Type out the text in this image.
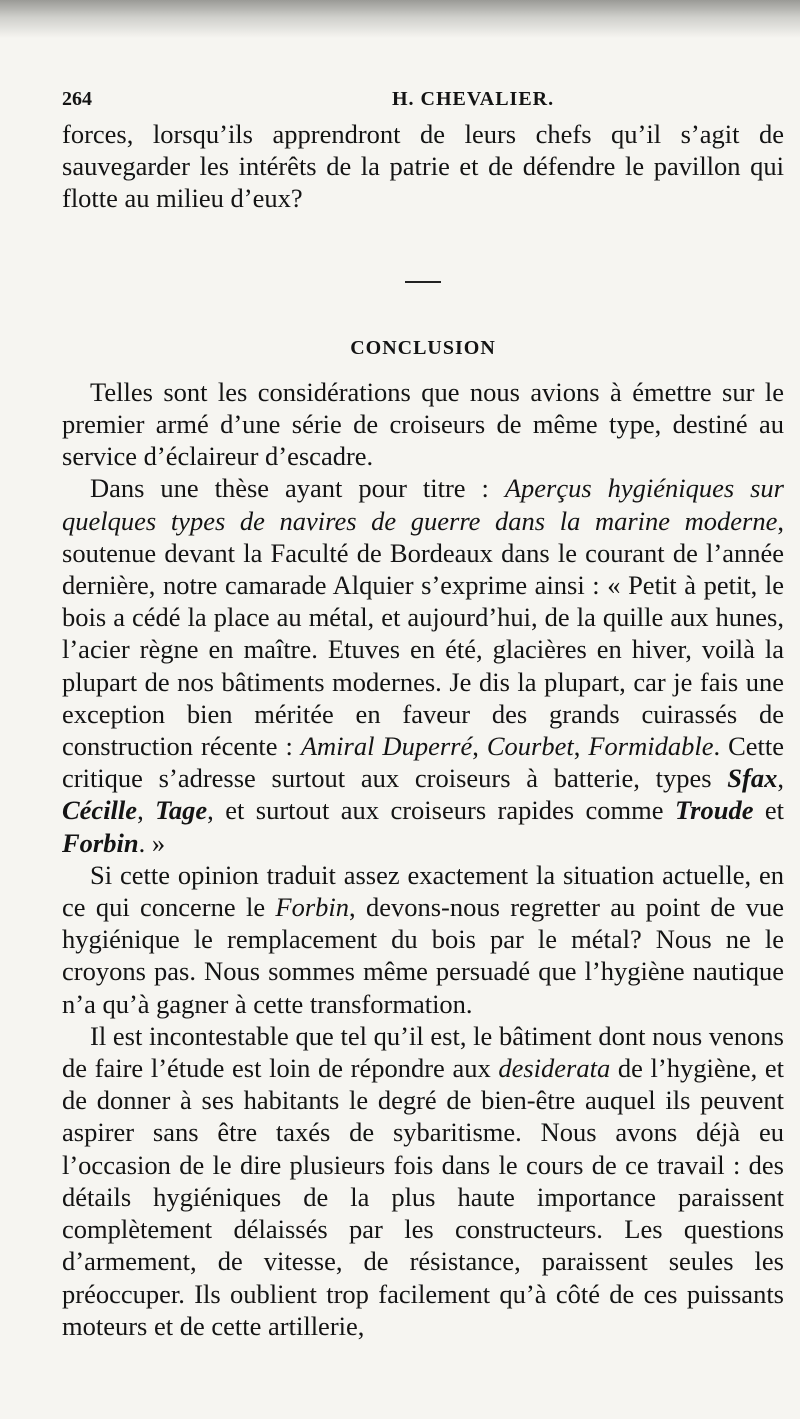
264	H. CHEVALIER.

forces, lorsqu’ils apprendront de leurs chefs qu’il s’agit de sauvegarder les intérêts de la patrie et de défendre le pavillon qui flotte au milieu d’eux?

CONCLUSION

Telles sont les considérations que nous avions à émettre sur le premier armé d’une série de croiseurs de même type, destiné au service d’éclaireur d’escadre.

Dans une thèse ayant pour titre : Aperçus hygiéniques sur quelques types de navires de guerre dans la marine moderne, soutenue devant la Faculté de Bordeaux dans le courant de l’année dernière, notre camarade Alquier s’exprime ainsi : « Petit à petit, le bois a cédé la place au métal, et aujourd’hui, de la quille aux hunes, l’acier règne en maître. Etuves en été, glacières en hiver, voilà la plupart de nos bâtiments modernes. Je dis la plupart, car je fais une exception bien méritée en faveur des grands cuirassés de construction récente : Amiral Duperré, Courbet, Formidable. Cette critique s’adresse surtout aux croiseurs à batterie, types Sfax, Cécille, Tage, et surtout aux croiseurs rapides comme Troude et Forbin. »

Si cette opinion traduit assez exactement la situation actuelle, en ce qui concerne le Forbin, devons-nous regretter au point de vue hygiénique le remplacement du bois par le métal? Nous ne le croyons pas. Nous sommes même persuadé que l’hygiène nautique n’a qu’à gagner à cette transformation.

Il est incontestable que tel qu’il est, le bâtiment dont nous venons de faire l’étude est loin de répondre aux desiderata de l’hygiène, et de donner à ses habitants le degré de bien-être auquel ils peuvent aspirer sans être taxés de sybaritisme. Nous avons déjà eu l’occasion de le dire plusieurs fois dans le cours de ce travail : des détails hygiéniques de la plus haute importance paraissent complètement délaissés par les constructeurs. Les questions d’armement, de vitesse, de résistance, paraissent seules les préoccuper. Ils oublient trop facilement qu’à côté de ces puissants moteurs et de cette artillerie,
